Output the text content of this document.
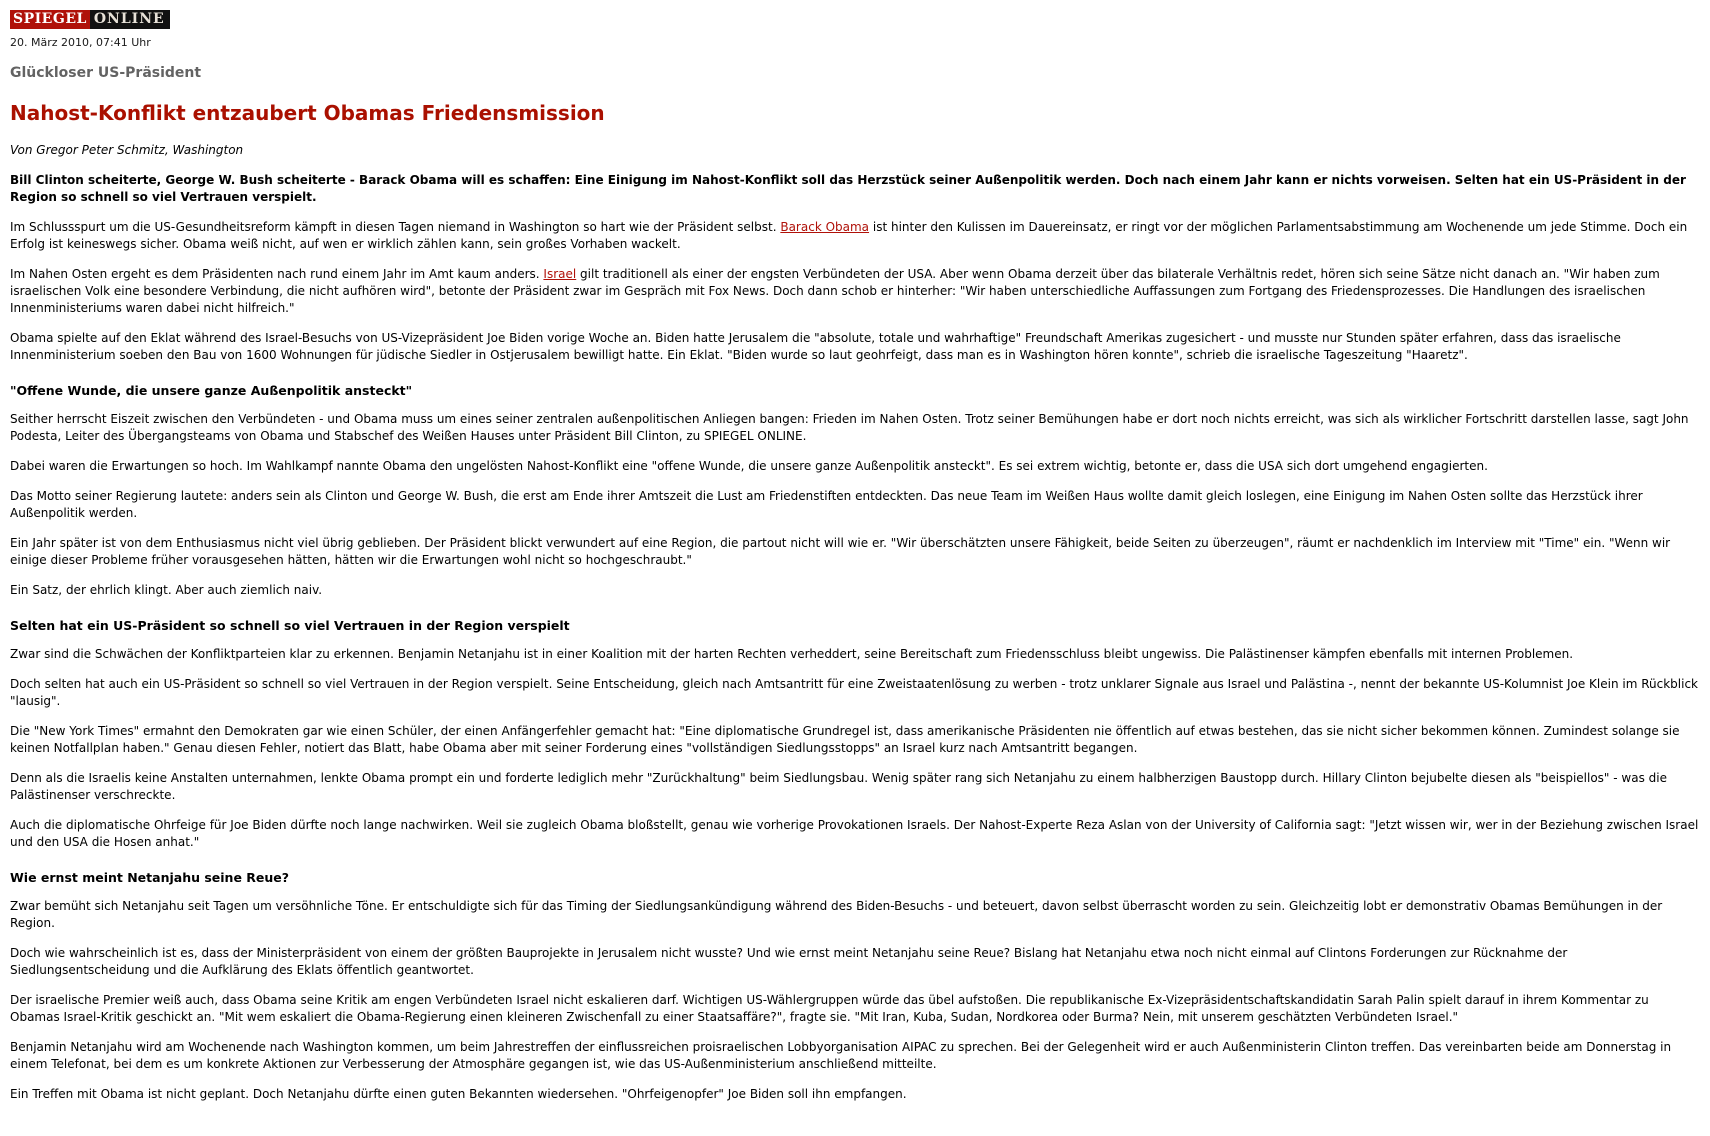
SPIEGEL ONLINE
20. März 2010, 07:41 Uhr
Glückloser US-Präsident
Nahost-Konflikt entzaubert Obamas Friedensmission

Von Gregor Peter Schmitz, Washington

Bill Clinton scheiterte, George W. Bush scheiterte - Barack Obama will es schaffen: Eine Einigung im Nahost-Konflikt soll das Herzstück seiner Außenpolitik werden. Doch nach einem Jahr kann er nichts vorweisen. Selten hat ein US-Präsident in der Region so schnell so viel Vertrauen verspielt.

Im Schlussspurt um die US-Gesundheitsreform kämpft in diesen Tagen niemand in Washington so hart wie der Präsident selbst. Barack Obama ist hinter den Kulissen im Dauereinsatz, er ringt vor der möglichen Parlamentsabstimmung am Wochenende um jede Stimme. Doch ein Erfolg ist keineswegs sicher. Obama weiß nicht, auf wen er wirklich zählen kann, sein großes Vorhaben wackelt.

Im Nahen Osten ergeht es dem Präsidenten nach rund einem Jahr im Amt kaum anders. Israel gilt traditionell als einer der engsten Verbündeten der USA. Aber wenn Obama derzeit über das bilaterale Verhältnis redet, hören sich seine Sätze nicht danach an. "Wir haben zum israelischen Volk eine besondere Verbindung, die nicht aufhören wird", betonte der Präsident zwar im Gespräch mit Fox News. Doch dann schob er hinterher: "Wir haben unterschiedliche Auffassungen zum Fortgang des Friedensprozesses. Die Handlungen des israelischen Innenministeriums waren dabei nicht hilfreich."

Obama spielte auf den Eklat während des Israel-Besuchs von US-Vizepräsident Joe Biden vorige Woche an. Biden hatte Jerusalem die "absolute, totale und wahrhaftige" Freundschaft Amerikas zugesichert - und musste nur Stunden später erfahren, dass das israelische Innenministerium soeben den Bau von 1600 Wohnungen für jüdische Siedler in Ostjerusalem bewilligt hatte. Ein Eklat. "Biden wurde so laut geohrfeigt, dass man es in Washington hören konnte", schrieb die israelische Tageszeitung "Haaretz".

"Offene Wunde, die unsere ganze Außenpolitik ansteckt"

Seither herrscht Eiszeit zwischen den Verbündeten - und Obama muss um eines seiner zentralen außenpolitischen Anliegen bangen: Frieden im Nahen Osten. Trotz seiner Bemühungen habe er dort noch nichts erreicht, was sich als wirklicher Fortschritt darstellen lasse, sagt John Podesta, Leiter des Übergangsteams von Obama und Stabschef des Weißen Hauses unter Präsident Bill Clinton, zu SPIEGEL ONLINE.

Dabei waren die Erwartungen so hoch. Im Wahlkampf nannte Obama den ungelösten Nahost-Konflikt eine "offene Wunde, die unsere ganze Außenpolitik ansteckt". Es sei extrem wichtig, betonte er, dass die USA sich dort umgehend engagierten.

Das Motto seiner Regierung lautete: anders sein als Clinton und George W. Bush, die erst am Ende ihrer Amtszeit die Lust am Friedenstiften entdeckten. Das neue Team im Weißen Haus wollte damit gleich loslegen, eine Einigung im Nahen Osten sollte das Herzstück ihrer Außenpolitik werden.

Ein Jahr später ist von dem Enthusiasmus nicht viel übrig geblieben. Der Präsident blickt verwundert auf eine Region, die partout nicht will wie er. "Wir überschätzten unsere Fähigkeit, beide Seiten zu überzeugen", räumt er nachdenklich im Interview mit "Time" ein. "Wenn wir einige dieser Probleme früher vorausgesehen hätten, hätten wir die Erwartungen wohl nicht so hochgeschraubt."

Ein Satz, der ehrlich klingt. Aber auch ziemlich naiv.

Selten hat ein US-Präsident so schnell so viel Vertrauen in der Region verspielt

Zwar sind die Schwächen der Konfliktparteien klar zu erkennen. Benjamin Netanjahu ist in einer Koalition mit der harten Rechten verheddert, seine Bereitschaft zum Friedensschluss bleibt ungewiss. Die Palästinenser kämpfen ebenfalls mit internen Problemen.

Doch selten hat auch ein US-Präsident so schnell so viel Vertrauen in der Region verspielt. Seine Entscheidung, gleich nach Amtsantritt für eine Zweistaatenlösung zu werben - trotz unklarer Signale aus Israel und Palästina -, nennt der bekannte US-Kolumnist Joe Klein im Rückblick "lausig".

Die "New York Times" ermahnt den Demokraten gar wie einen Schüler, der einen Anfängerfehler gemacht hat: "Eine diplomatische Grundregel ist, dass amerikanische Präsidenten nie öffentlich auf etwas bestehen, das sie nicht sicher bekommen können. Zumindest solange sie keinen Notfallplan haben." Genau diesen Fehler, notiert das Blatt, habe Obama aber mit seiner Forderung eines "vollständigen Siedlungsstopps" an Israel kurz nach Amtsantritt begangen.

Denn als die Israelis keine Anstalten unternahmen, lenkte Obama prompt ein und forderte lediglich mehr "Zurückhaltung" beim Siedlungsbau. Wenig später rang sich Netanjahu zu einem halbherzigen Baustopp durch. Hillary Clinton bejubelte diesen als "beispiellos" - was die Palästinenser verschreckte.

Auch die diplomatische Ohrfeige für Joe Biden dürfte noch lange nachwirken. Weil sie zugleich Obama bloßstellt, genau wie vorherige Provokationen Israels. Der Nahost-Experte Reza Aslan von der University of California sagt: "Jetzt wissen wir, wer in der Beziehung zwischen Israel und den USA die Hosen anhat."

Wie ernst meint Netanjahu seine Reue?

Zwar bemüht sich Netanjahu seit Tagen um versöhnliche Töne. Er entschuldigte sich für das Timing der Siedlungsankündigung während des Biden-Besuchs - und beteuert, davon selbst überrascht worden zu sein. Gleichzeitig lobt er demonstrativ Obamas Bemühungen in der Region.

Doch wie wahrscheinlich ist es, dass der Ministerpräsident von einem der größten Bauprojekte in Jerusalem nicht wusste? Und wie ernst meint Netanjahu seine Reue? Bislang hat Netanjahu etwa noch nicht einmal auf Clintons Forderungen zur Rücknahme der Siedlungsentscheidung und die Aufklärung des Eklats öffentlich geantwortet.

Der israelische Premier weiß auch, dass Obama seine Kritik am engen Verbündeten Israel nicht eskalieren darf. Wichtigen US-Wählergruppen würde das übel aufstoßen. Die republikanische Ex-Vizepräsidentschaftskandidatin Sarah Palin spielt darauf in ihrem Kommentar zu Obamas Israel-Kritik geschickt an. "Mit wem eskaliert die Obama-Regierung einen kleineren Zwischenfall zu einer Staatsaffäre?", fragte sie. "Mit Iran, Kuba, Sudan, Nordkorea oder Burma? Nein, mit unserem geschätzten Verbündeten Israel."

Benjamin Netanjahu wird am Wochenende nach Washington kommen, um beim Jahrestreffen der einflussreichen proisraelischen Lobbyorganisation AIPAC zu sprechen. Bei der Gelegenheit wird er auch Außenministerin Clinton treffen. Das vereinbarten beide am Donnerstag in einem Telefonat, bei dem es um konkrete Aktionen zur Verbesserung der Atmosphäre gegangen ist, wie das US-Außenministerium anschließend mitteilte.

Ein Treffen mit Obama ist nicht geplant. Doch Netanjahu dürfte einen guten Bekannten wiedersehen. "Ohrfeigenopfer" Joe Biden soll ihn empfangen.
